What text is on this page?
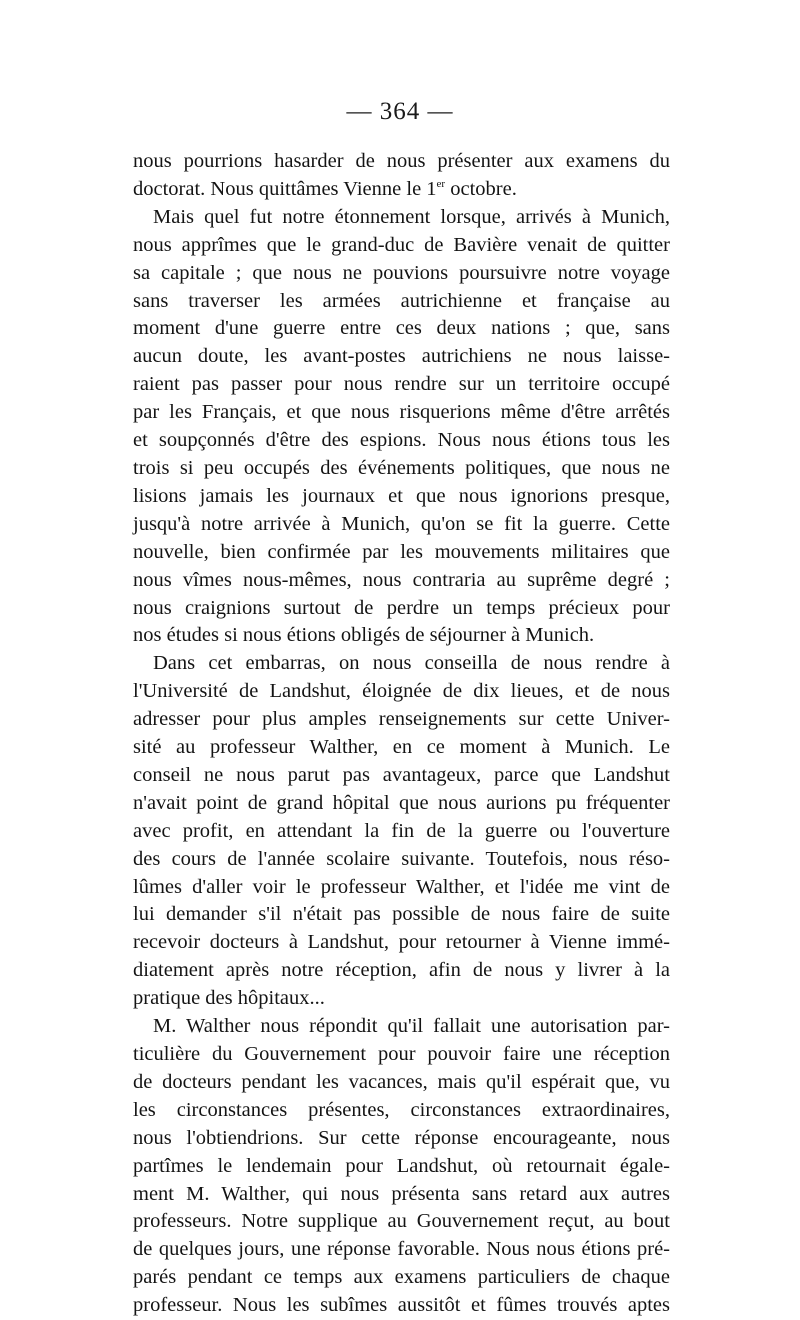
— 364 —
nous pourrions hasarder de nous présenter aux examens du
doctorat. Nous quittâmes Vienne le 1er octobre.
Mais quel fut notre étonnement lorsque, arrivés à Munich,
nous apprîmes que le grand-duc de Bavière venait de quitter
sa capitale ; que nous ne pouvions poursuivre notre voyage
sans traverser les armées autrichienne et française au
moment d'une guerre entre ces deux nations ; que, sans
aucun doute, les avant-postes autrichiens ne nous laisse-
raient pas passer pour nous rendre sur un territoire occupé
par les Français, et que nous risquerions même d'être arrêtés
et soupçonnés d'être des espions. Nous nous étions tous les
trois si peu occupés des événements politiques, que nous ne
lisions jamais les journaux et que nous ignorions presque,
jusqu'à notre arrivée à Munich, qu'on se fit la guerre. Cette
nouvelle, bien confirmée par les mouvements militaires que
nous vîmes nous-mêmes, nous contraria au suprême degré ;
nous craignions surtout de perdre un temps précieux pour
nos études si nous étions obligés de séjourner à Munich.
Dans cet embarras, on nous conseilla de nous rendre à
l'Université de Landshut, éloignée de dix lieues, et de nous
adresser pour plus amples renseignements sur cette Univer-
sité au professeur Walther, en ce moment à Munich. Le
conseil ne nous parut pas avantageux, parce que Landshut
n'avait point de grand hôpital que nous aurions pu fréquenter
avec profit, en attendant la fin de la guerre ou l'ouverture
des cours de l'année scolaire suivante. Toutefois, nous réso-
lûmes d'aller voir le professeur Walther, et l'idée me vint de
lui demander s'il n'était pas possible de nous faire de suite
recevoir docteurs à Landshut, pour retourner à Vienne immé-
diatement après notre réception, afin de nous y livrer à la
pratique des hôpitaux...
M. Walther nous répondit qu'il fallait une autorisation par-
ticulière du Gouvernement pour pouvoir faire une réception
de docteurs pendant les vacances, mais qu'il espérait que, vu
les circonstances présentes, circonstances extraordinaires,
nous l'obtiendrions. Sur cette réponse encourageante, nous
partîmes le lendemain pour Landshut, où retournait égale-
ment M. Walther, qui nous présenta sans retard aux autres
professeurs. Notre supplique au Gouvernement reçut, au bout
de quelques jours, une réponse favorable. Nous nous étions pré-
parés pendant ce temps aux examens particuliers de chaque
professeur. Nous les subîmes aussitôt et fûmes trouvés aptes
